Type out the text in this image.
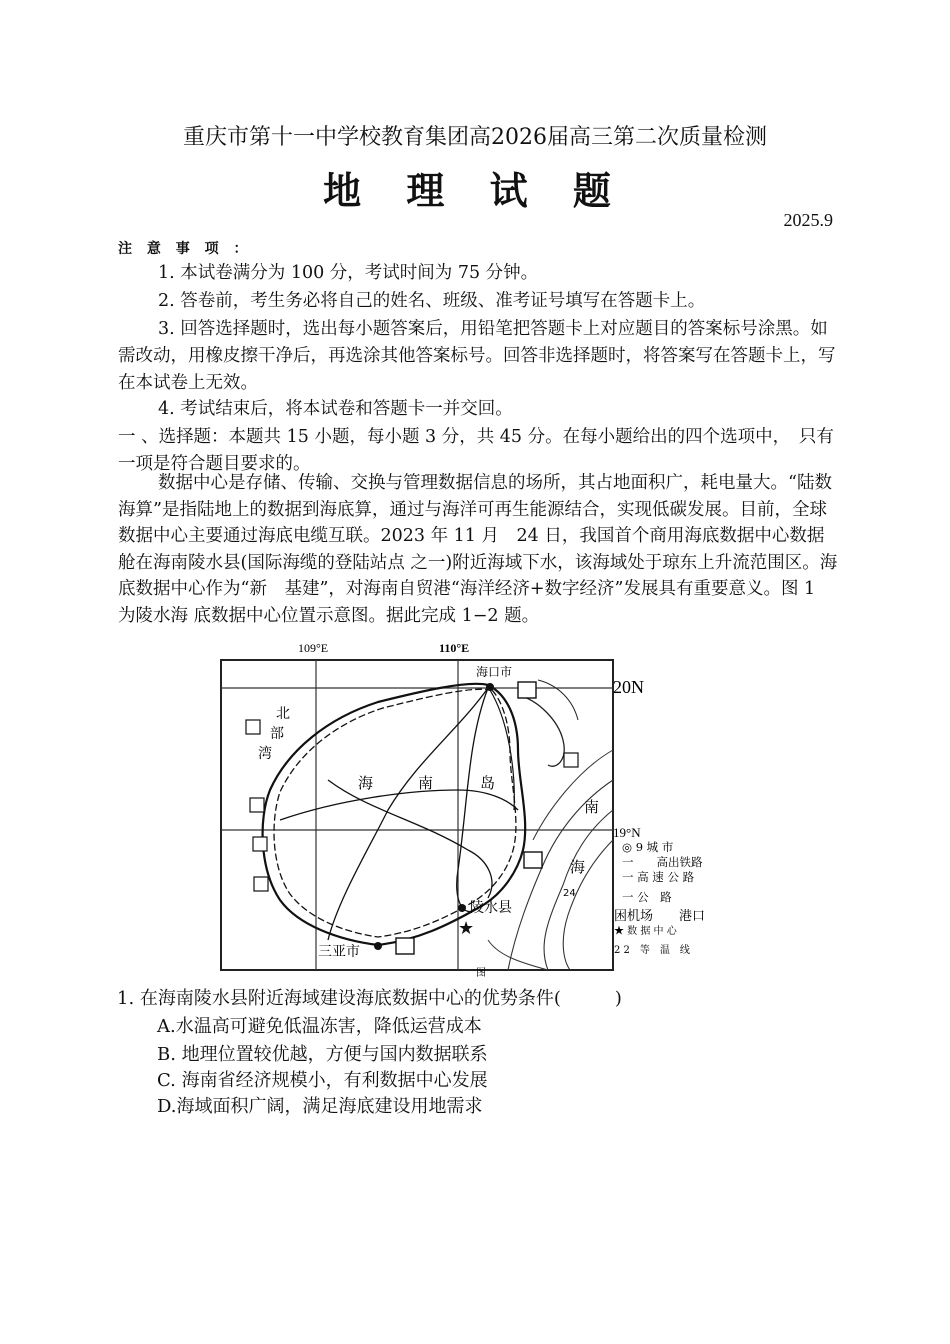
重庆市第十一中学校教育集团高2026届高三第二次质量检测
地 理 试 题
2025.9
注 意 事 项 ：
1. 本试卷满分为 100 分，考试时间为 75 分钟。
2. 答卷前，考生务必将自己的姓名、班级、准考证号填写在答题卡上。
3. 回答选择题时，选出每小题答案后，用铅笔把答题卡上对应题目的答案标号涂黑。如需改动，用橡皮擦干净后，再选涂其他答案标号。回答非选择题时，将答案写在答题卡上，写在本试卷上无效。
4. 考试结束后，将本试卷和答题卡一并交回。
一 、选择题：本题共 15 小题，每小题 3 分，共 45 分。在每小题给出的四个选项中，　只有一项是符合题目要求的。
数据中心是存储、传输、交换与管理数据信息的场所，其占地面积广，耗电量大。“陆数海算”是指陆地上的数据到海底算，通过与海洋可再生能源结合，实现低碳发展。目前，全球数据中心主要通过海底电缆互联。2023 年 11 月　24 日，我国首个商用海底数据中心数据舱在海南陵水县(国际海缆的登陆站点 之一)附近海域下水，该海域处于琼东上升流范围区。海底数据中心作为“新　基建”，对海南自贸港“海洋经济+数字经济”发展具有重要意义。图 1 为陵水海 底数据中心位置示意图。据此完成 1−2 题。
★
109°E	110°E
20N
19°N
海口市
北
部
湾
海	南	岛
南
海
陵水县
三亚市
24
图
◎ 9 城 市
一　　高出铁路
一 高 速 公 路
一 公　路
困机场　　港口
★ 数 据 中 心
2 2　等　温　线
1. 在海南陵水县附近海域建设海底数据中心的优势条件(　　　)
A.水温高可避免低温冻害，降低运营成本
B. 地理位置较优越，方便与国内数据联系
C. 海南省经济规模小，有利数据中心发展
D.海域面积广阔，满足海底建设用地需求
